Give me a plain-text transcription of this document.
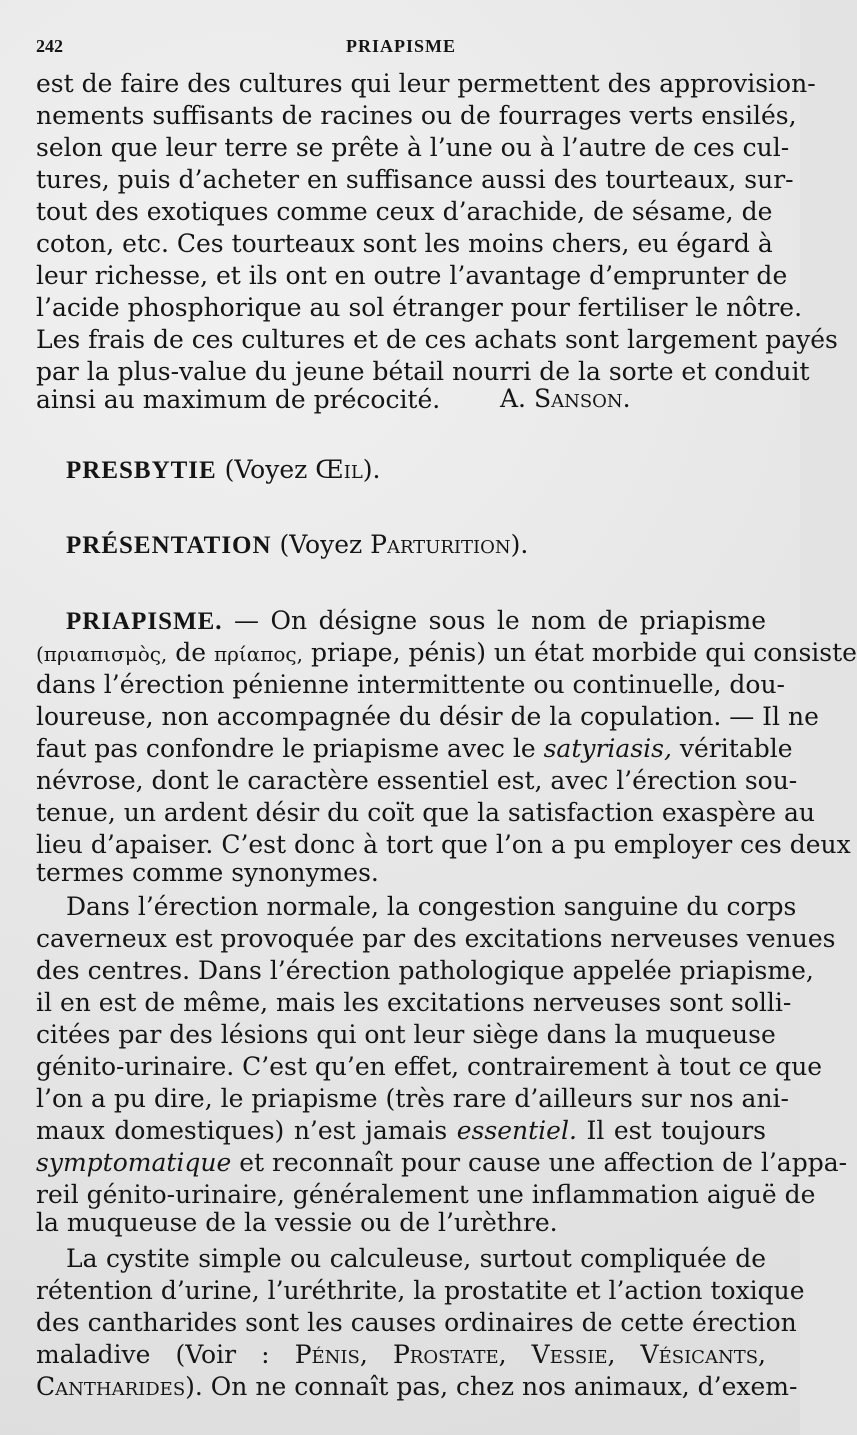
242	PRIAPISME
est de faire des cultures qui leur permettent des approvision-
nements suffisants de racines ou de fourrages verts ensilés,
selon que leur terre se prête à l’une ou à l’autre de ces cul-
tures, puis d’acheter en suffisance aussi des tourteaux, sur-
tout des exotiques comme ceux d’arachide, de sésame, de
coton, etc. Ces tourteaux sont les moins chers, eu égard à
leur richesse, et ils ont en outre l’avantage d’emprunter de
l’acide phosphorique au sol étranger pour fertiliser le nôtre.
Les frais de ces cultures et de ces achats sont largement payés
par la plus-value du jeune bétail nourri de la sorte et conduit
ainsi au maximum de précocité.	A. Sanson.
PRESBYTIE (Voyez Œil).
PRÉSENTATION (Voyez Parturition).
PRIAPISME. — On désigne sous le nom de priapisme
(πριαπισμὸς, de πρίαπος, priape, pénis) un état morbide qui consiste
dans l’érection pénienne intermittente ou continuelle, dou-
loureuse, non accompagnée du désir de la copulation. — Il ne
faut pas confondre le priapisme avec le satyriasis, véritable
névrose, dont le caractère essentiel est, avec l’érection sou-
tenue, un ardent désir du coït que la satisfaction exaspère au
lieu d’apaiser. C’est donc à tort que l’on a pu employer ces deux
termes comme synonymes.
Dans l’érection normale, la congestion sanguine du corps
caverneux est provoquée par des excitations nerveuses venues
des centres. Dans l’érection pathologique appelée priapisme,
il en est de même, mais les excitations nerveuses sont solli-
citées par des lésions qui ont leur siège dans la muqueuse
génito-urinaire. C’est qu’en effet, contrairement à tout ce que
l’on a pu dire, le priapisme (très rare d’ailleurs sur nos ani-
maux domestiques) n’est jamais essentiel. Il est toujours
symptomatique et reconnaît pour cause une affection de l’appa-
reil génito-urinaire, généralement une inflammation aiguë de
la muqueuse de la vessie ou de l’urèthre.
La cystite simple ou calculeuse, surtout compliquée de
rétention d’urine, l’uréthrite, la prostatite et l’action toxique
des cantharides sont les causes ordinaires de cette érection
maladive (Voir : Pénis, Prostate, Vessie, Vésicants,
Cantharides). On ne connaît pas, chez nos animaux, d’exem-
